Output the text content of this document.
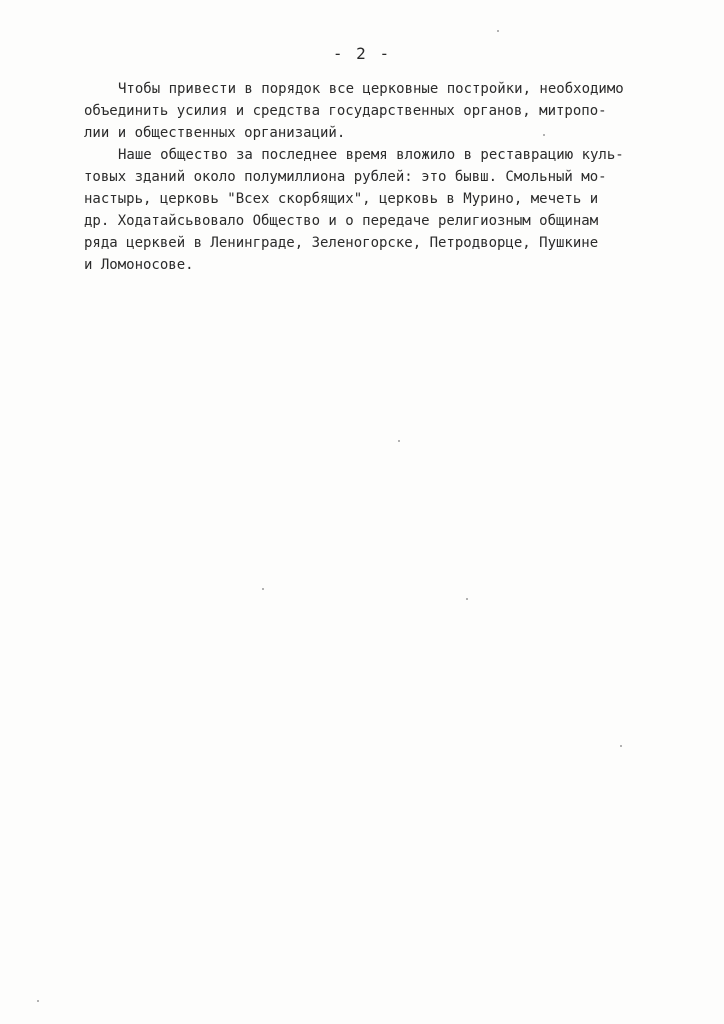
- 2 -

Чтобы привести в порядок все церковные постройки, необходимо
объединить усилия и средства государственных органов, митропо-
лии и общественных организаций.

Наше общество за последнее время вложило в реставрацию куль-
товых зданий около полумиллиона рублей: это бывш. Смольный мо-
настырь, церковь "Всех скорбящих", церковь в Мурино, мечеть и
др. Ходатайсьвовало Общество и о передаче религиозным общинам
ряда церквей в Ленинграде, Зеленогорске, Петродворце, Пушкине
и Ломоносове.
